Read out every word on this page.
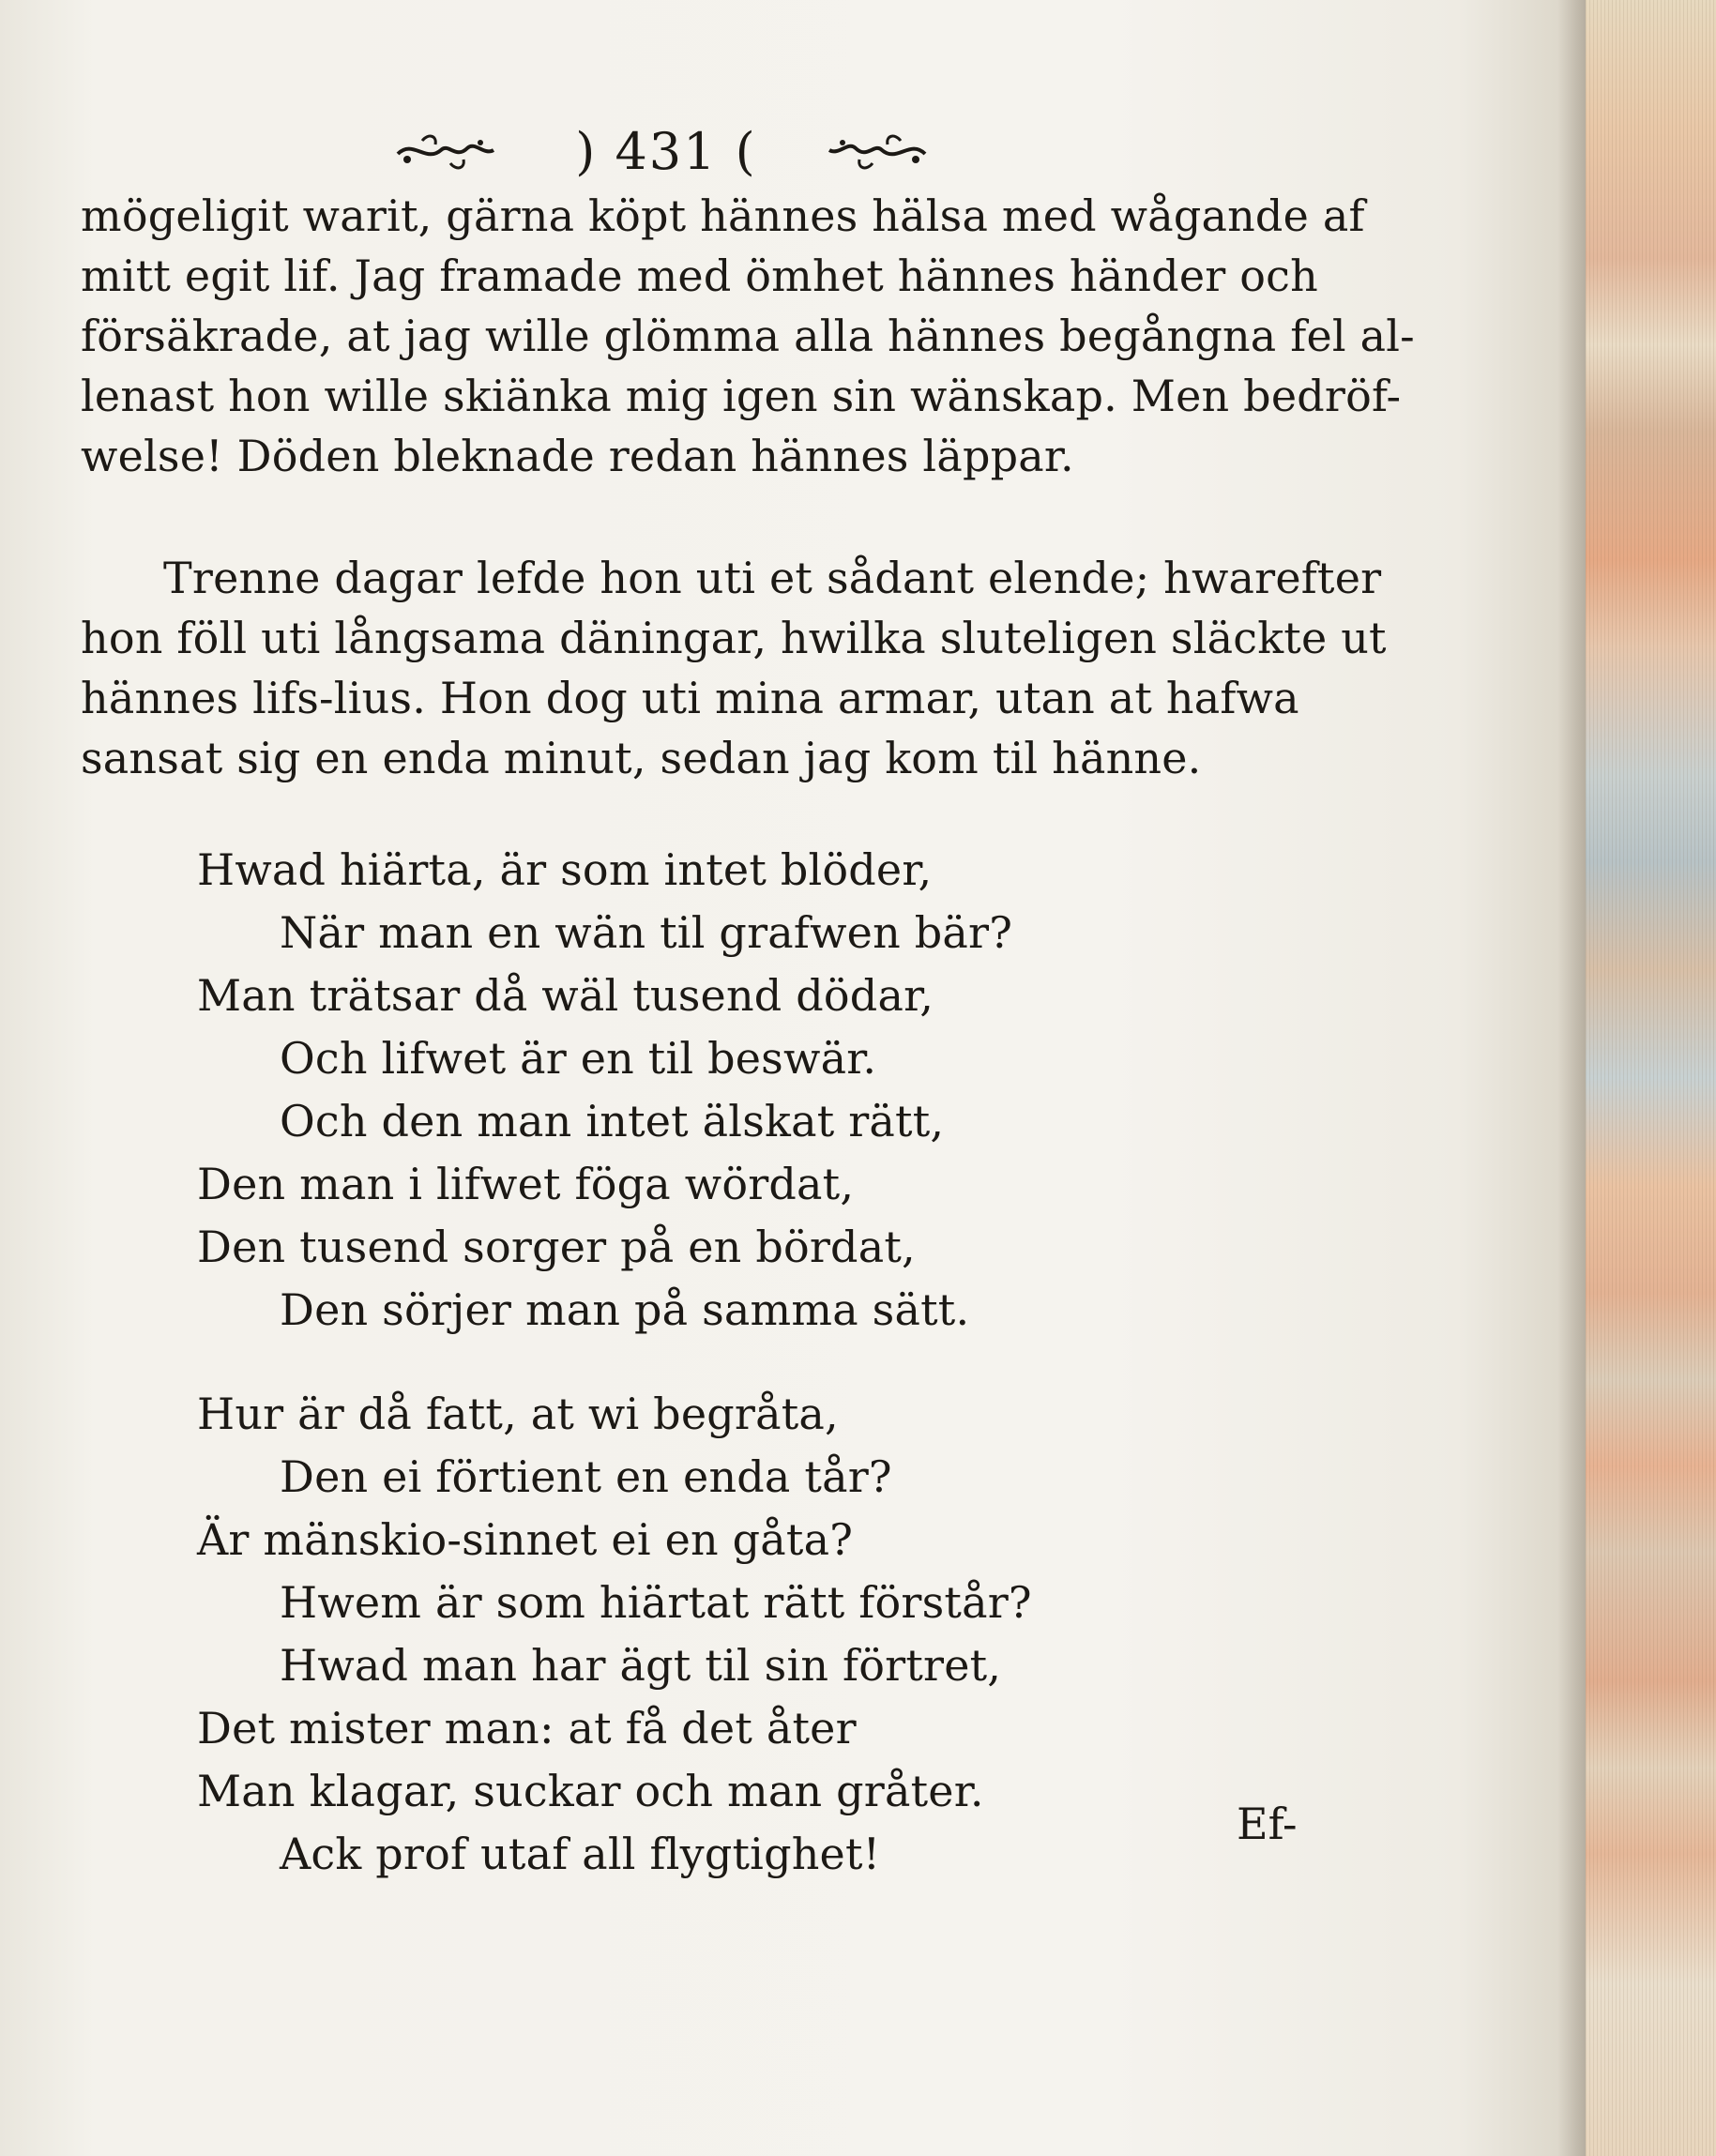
) 431 (
mögeligit warit, gärna köpt hännes hälsa med wågande af
mitt egit lif. Jag framade med ömhet hännes händer och
försäkrade, at jag wille glömma alla hännes begångna fel al-
lenast hon wille skiänka mig igen sin wänskap. Men bedröf-
welse! Döden bleknade redan hännes läppar.
Trenne dagar lefde hon uti et sådant elende; hwarefter
hon föll uti långsama däningar, hwilka sluteligen släckte ut
hännes lifs-lius. Hon dog uti mina armar, utan at hafwa
sansat sig en enda minut, sedan jag kom til hänne.
Hwad hiärta, är som intet blöder,
När man en wän til grafwen bär?
Man trätsar då wäl tusend dödar,
Och lifwet är en til beswär.
Och den man intet älskat rätt,
Den man i lifwet föga wördat,
Den tusend sorger på en bördat,
Den sörjer man på samma sätt.
Hur är då fatt, at wi begråta,
Den ei förtient en enda tår?
Är mänskio-sinnet ei en gåta?
Hwem är som hiärtat rätt förstår?
Hwad man har ägt til sin förtret,
Det mister man: at få det åter
Man klagar, suckar och man gråter.
Ack prof utaf all flygtighet!
Ef-
